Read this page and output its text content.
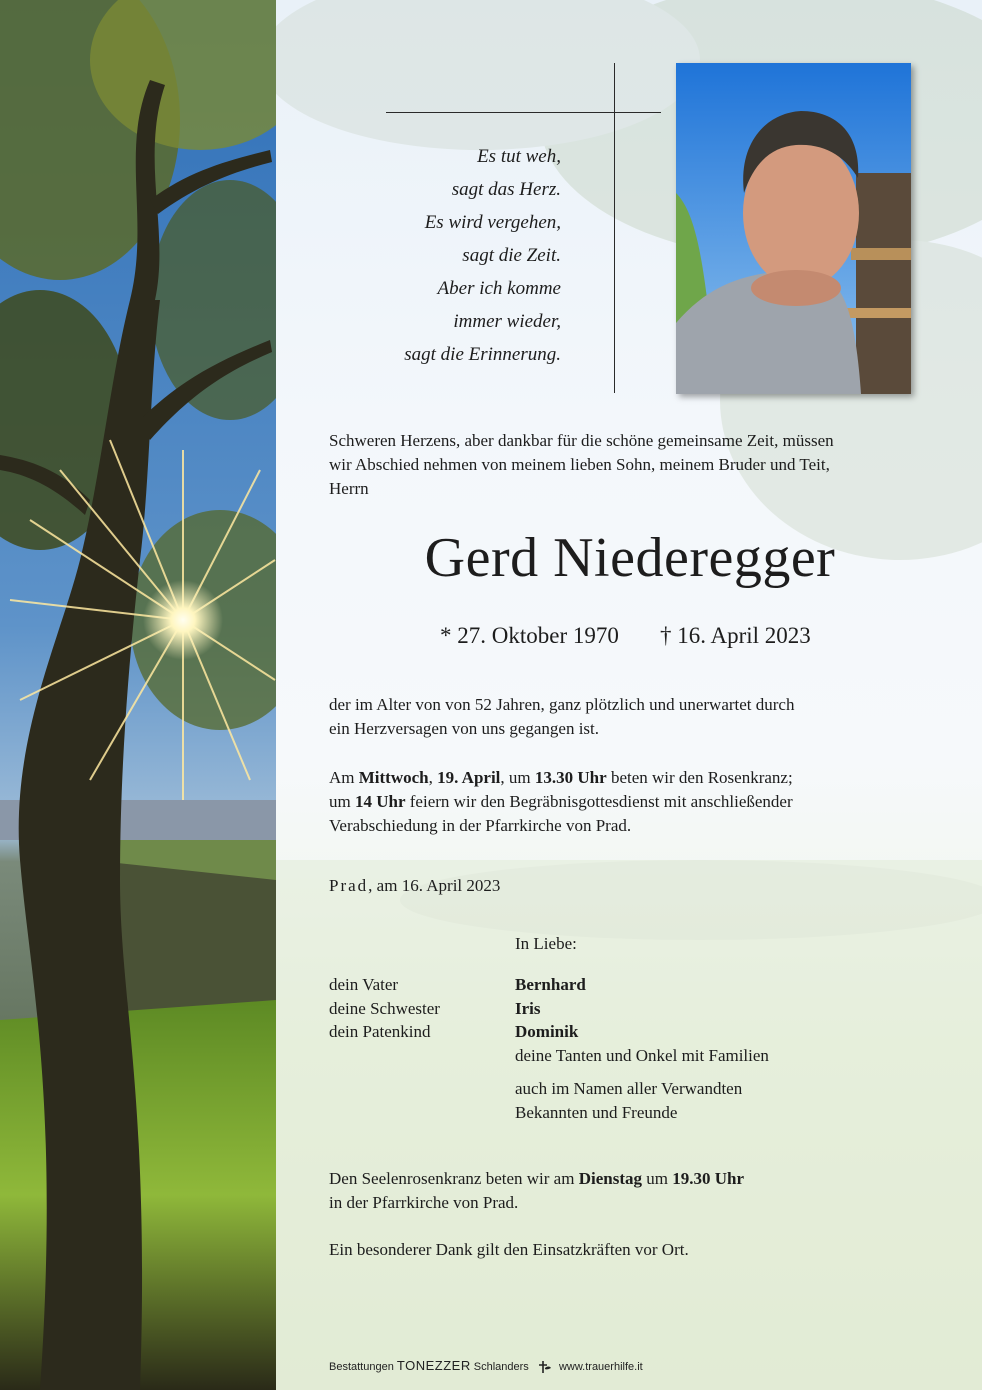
Es tut weh,
sagt das Herz.
Es wird vergehen,
sagt die Zeit.
Aber ich komme
immer wieder,
sagt die Erinnerung.
Schweren Herzens, aber dankbar für die schöne gemeinsame Zeit, müssen
wir Abschied nehmen von meinem lieben Sohn, meinem Bruder und Teit,
Herrn
Gerd Niederegger
* 27. Oktober 1970 † 16. April 2023
der im Alter von von 52 Jahren, ganz plötzlich und unerwartet durch
ein Herzversagen von uns gegangen ist.
Am Mittwoch, 19. April, um 13.30 Uhr beten wir den Rosenkranz;
um 14 Uhr feiern wir den Begräbnisgottesdienst mit anschließender
Verabschiedung in der Pfarrkirche von Prad.
Prad, am 16. April 2023
In Liebe:
dein Vater	Bernhard
deine Schwester	Iris
dein Patenkind	Dominik
deine Tanten und Onkel mit Familien
auch im Namen aller Verwandten
Bekannten und Freunde
Den Seelenrosenkranz beten wir am Dienstag um 19.30 Uhr
in der Pfarrkirche von Prad.
Ein besonderer Dank gilt den Einsatzkräften vor Ort.
Bestattungen TONEZZER Schlanders	www.trauerhilfe.it
